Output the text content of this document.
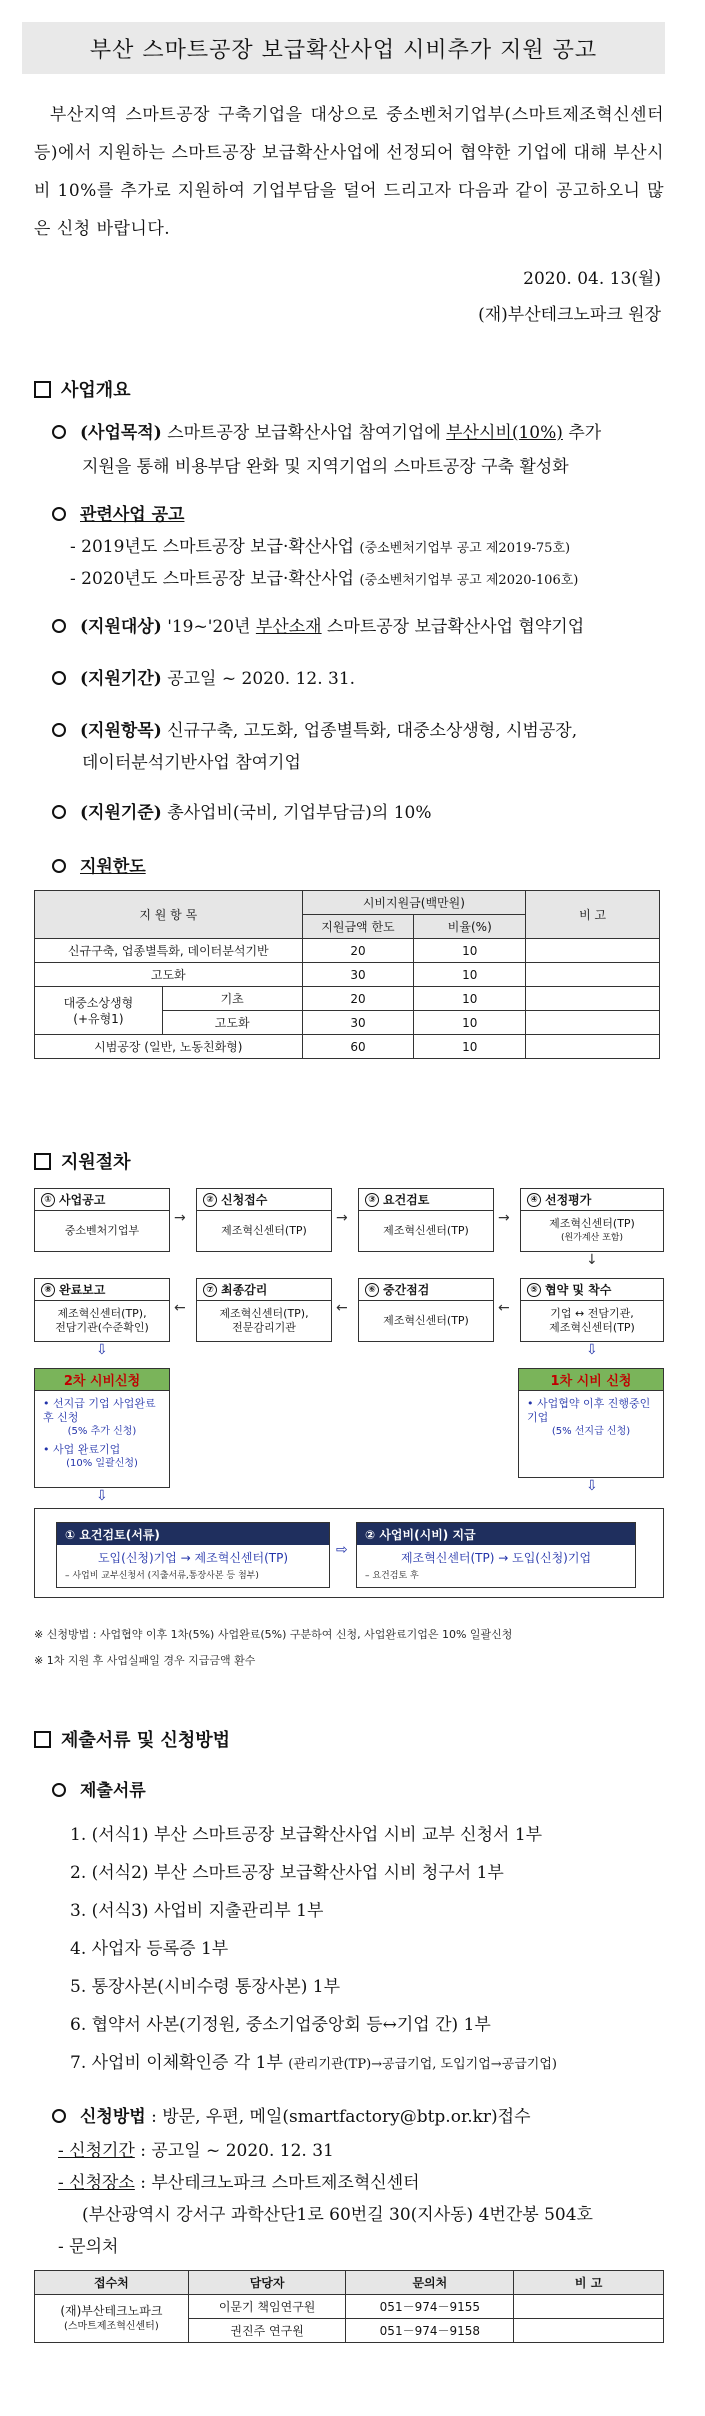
부산 스마트공장 보급확산사업 시비추가 지원 공고
부산지역 스마트공장 구축기업을 대상으로 중소벤처기업부(스마트제조혁신센터 등)에서 지원하는 스마트공장 보급확산사업에 선정되어 협약한 기업에 대해 부산시비 10%를 추가로 지원하여 기업부담을 덜어 드리고자 다음과 같이 공고하오니 많은 신청 바랍니다.
2020. 04. 13(월)
(재)부산테크노파크 원장
사업개요
(사업목적) 스마트공장 보급확산사업 참여기업에 부산시비(10%) 추가
지원을 통해 비용부담 완화 및 지역기업의 스마트공장 구축 활성화
관련사업 공고
- 2019년도 스마트공장 보급·확산사업 (중소벤처기업부 공고 제2019-75호)
- 2020년도 스마트공장 보급·확산사업 (중소벤처기업부 공고 제2020-106호)
(지원대상) '19~'20년 부산소재 스마트공장 보급확산사업 협약기업
(지원기간) 공고일 ~ 2020. 12. 31.
(지원항목) 신규구축, 고도화, 업종별특화, 대중소상생형, 시범공장,
데이터분석기반사업 참여기업
(지원기준) 총사업비(국비, 기업부담금)의 10%
지원한도
지 원 항 목		시비지원금(백만원)		비 고
		지원금액 한도	비율(%)	
신규구축, 업종별특화, 데이터분석기반		20	10	
고도화		30	10	
대중소상생형
(+유형1)	기초	20	10	
	고도화	30	10	
시범공장 (일반, 노동친화형)		60	10	
지원절차
① 사업공고
중소벤처기업부
→
② 신청접수
제조혁신센터(TP)
→
③ 요건검토
제조혁신센터(TP)
→
④ 선정평가
제조혁신센터(TP)
(원가계산 포함)
↓
⑧ 완료보고
제조혁신센터(TP),
전담기관(수준확인)
←
⑦ 최종감리
제조혁신센터(TP),
전문감리기관
←
⑥ 중간점검
제조혁신센터(TP)
←
⑤ 협약 및 착수
기업 ↔ 전담기관,
제조혁신센터(TP)
⇩	⇩
2차 시비신청
• 선지급 기업 사업완료 후 신청
(5% 추가 신청)
• 사업 완료기업
(10% 일괄신청)
1차 시비 신청
• 사업협약 이후 진행중인기업
(5% 선지급 신청)
⇩
⇩
① 요건검토(서류)
도입(신청)기업 → 제조혁신센터(TP)
– 사업비 교부신청서 (지출서류,통장사본 등 첨부)
⇨
② 사업비(시비) 지급
제조혁신센터(TP) → 도입(신청)기업
– 요건검토 후
※ 신청방법 : 사업협약 이후 1차(5%) 사업완료(5%) 구분하여 신청, 사업완료기업은 10% 일괄신청
※ 1차 지원 후 사업실패일 경우 지급금액 환수
제출서류 및 신청방법
제출서류
1. (서식1) 부산 스마트공장 보급확산사업 시비 교부 신청서 1부
2. (서식2) 부산 스마트공장 보급확산사업 시비 청구서 1부
3. (서식3) 사업비 지출관리부 1부
4. 사업자 등록증 1부
5. 통장사본(시비수령 통장사본) 1부
6. 협약서 사본(기정원, 중소기업중앙회 등↔기업 간) 1부
7. 사업비 이체확인증 각 1부 (관리기관(TP)→공급기업, 도입기업→공급기업)
신청방법 : 방문, 우편, 메일(smartfactory@btp.or.kr)접수
- 신청기간 : 공고일 ~ 2020. 12. 31
- 신청장소 : 부산테크노파크 스마트제조혁신센터
(부산광역시 강서구 과학산단1로 60번길 30(지사동) 4번간봉 504호
- 문의처
접수처	담당자	문의처	비 고

(재)부산테크노파크
(스마트제조혁신센터)	이문기 책임연구원	051－974－9155	
	권진주 연구원	051－974－9158	
